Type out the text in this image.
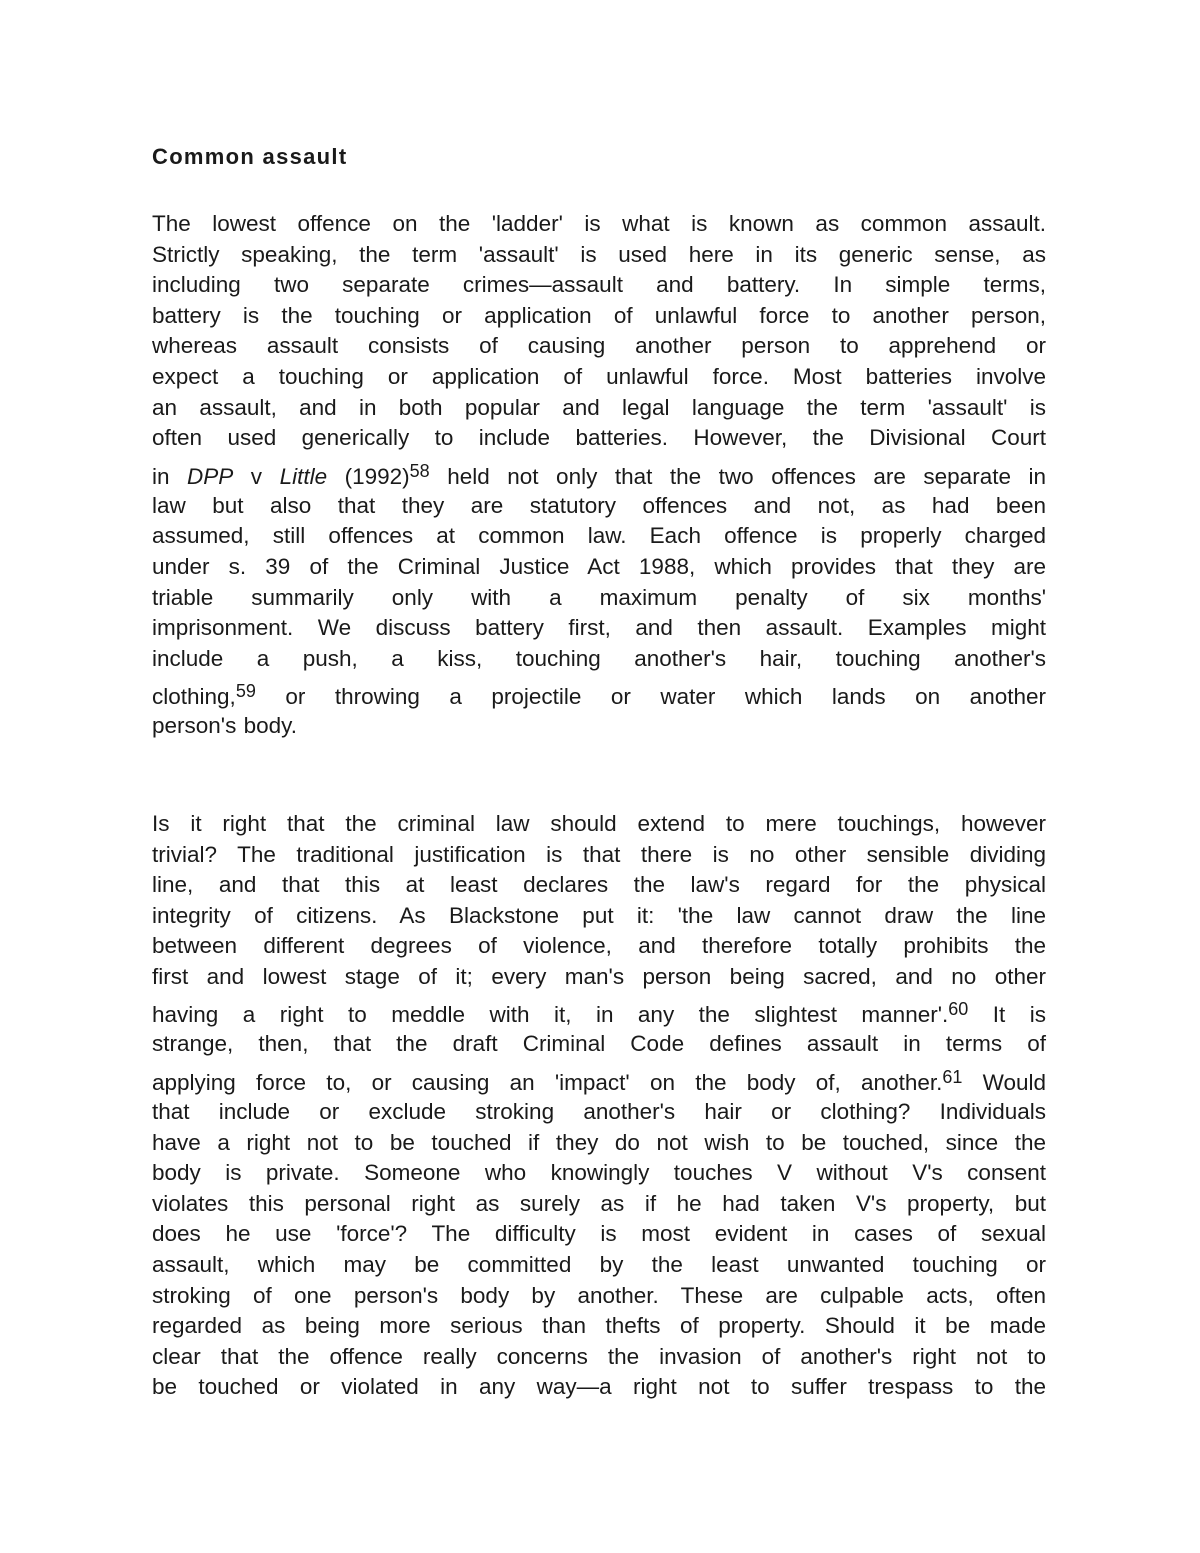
Common assault
The lowest offence on the 'ladder' is what is known as common assault.
Strictly speaking, the term 'assault' is used here in its generic sense, as
including two separate crimes—assault and battery. In simple terms,
battery is the touching or application of unlawful force to another person,
whereas assault consists of causing another person to apprehend or
expect a touching or application of unlawful force. Most batteries involve
an assault, and in both popular and legal language the term 'assault' is
often used generically to include batteries. However, the Divisional Court
in DPP v Little $(1992)^{58}$ held not only that the two offences are separate in
law but also that they are statutory offences and not, as had been
assumed, still offences at common law. Each offence is properly charged
under s. 39 of the Criminal Justice Act 1988, which provides that they are
triable summarily only with a maximum penalty of six months'
imprisonment. We discuss battery first, and then assault. Examples might
include a push, a kiss, touching another's hair, touching another's
clothing,$^{59}$ or throwing a projectile or water which lands on another
person's body.
Is it right that the criminal law should extend to mere touchings, however
trivial? The traditional justification is that there is no other sensible dividing
line, and that this at least declares the law's regard for the physical
integrity of citizens. As Blackstone put it: 'the law cannot draw the line
between different degrees of violence, and therefore totally prohibits the
first and lowest stage of it; every man's person being sacred, and no other
having a right to meddle with it, in any the slightest manner'.$^{60}$ It is
strange, then, that the draft Criminal Code defines assault in terms of
applying force to, or causing an 'impact' on the body of, another.$^{61}$ Would
that include or exclude stroking another's hair or clothing? Individuals
have a right not to be touched if they do not wish to be touched, since the
body is private. Someone who knowingly touches V without V's consent
violates this personal right as surely as if he had taken V's property, but
does he use 'force'? The difficulty is most evident in cases of sexual
assault, which may be committed by the least unwanted touching or
stroking of one person's body by another. These are culpable acts, often
regarded as being more serious than thefts of property. Should it be made
clear that the offence really concerns the invasion of another's right not to
be touched or violated in any way—a right not to suffer trespass to the
